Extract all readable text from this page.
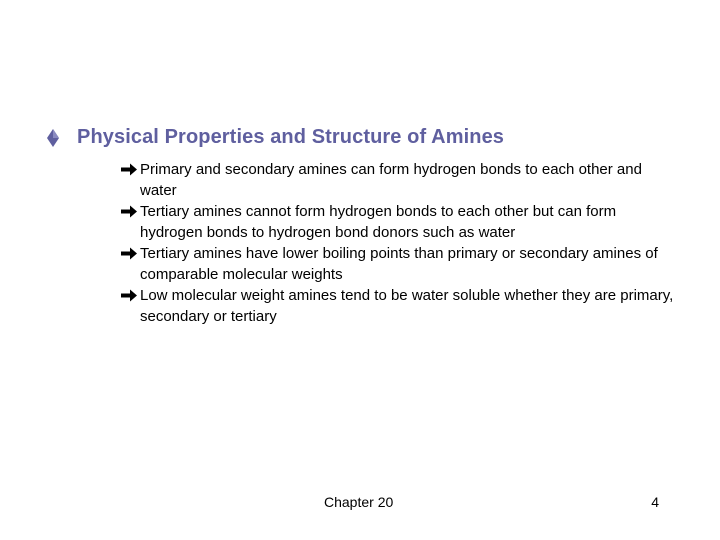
Physical Properties and Structure of Amines
Primary and secondary amines can form hydrogen bonds to each other and water
Tertiary amines cannot form hydrogen bonds to each other but can form hydrogen bonds to hydrogen bond donors such as water
Tertiary amines have lower boiling points than primary or secondary amines of comparable molecular weights
Low molecular weight amines tend to be water soluble whether they are primary, secondary or tertiary
Chapter 20	4
